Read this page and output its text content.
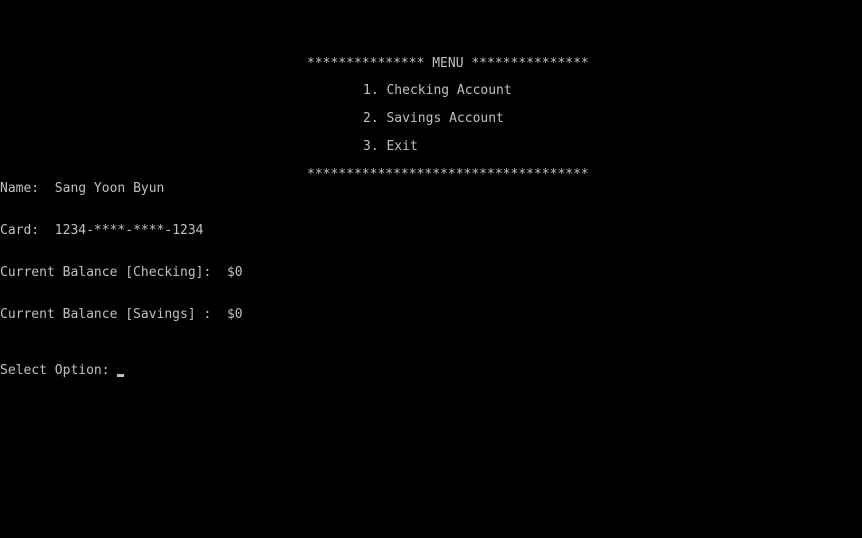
*************** MENU ***************
1. Checking Account
2. Savings Account
3. Exit
************************************
Name:  Sang Yoon Byun
Card:  1234-****-****-1234
Current Balance [Checking]:  $0
Current Balance [Savings] :  $0
Select Option:
